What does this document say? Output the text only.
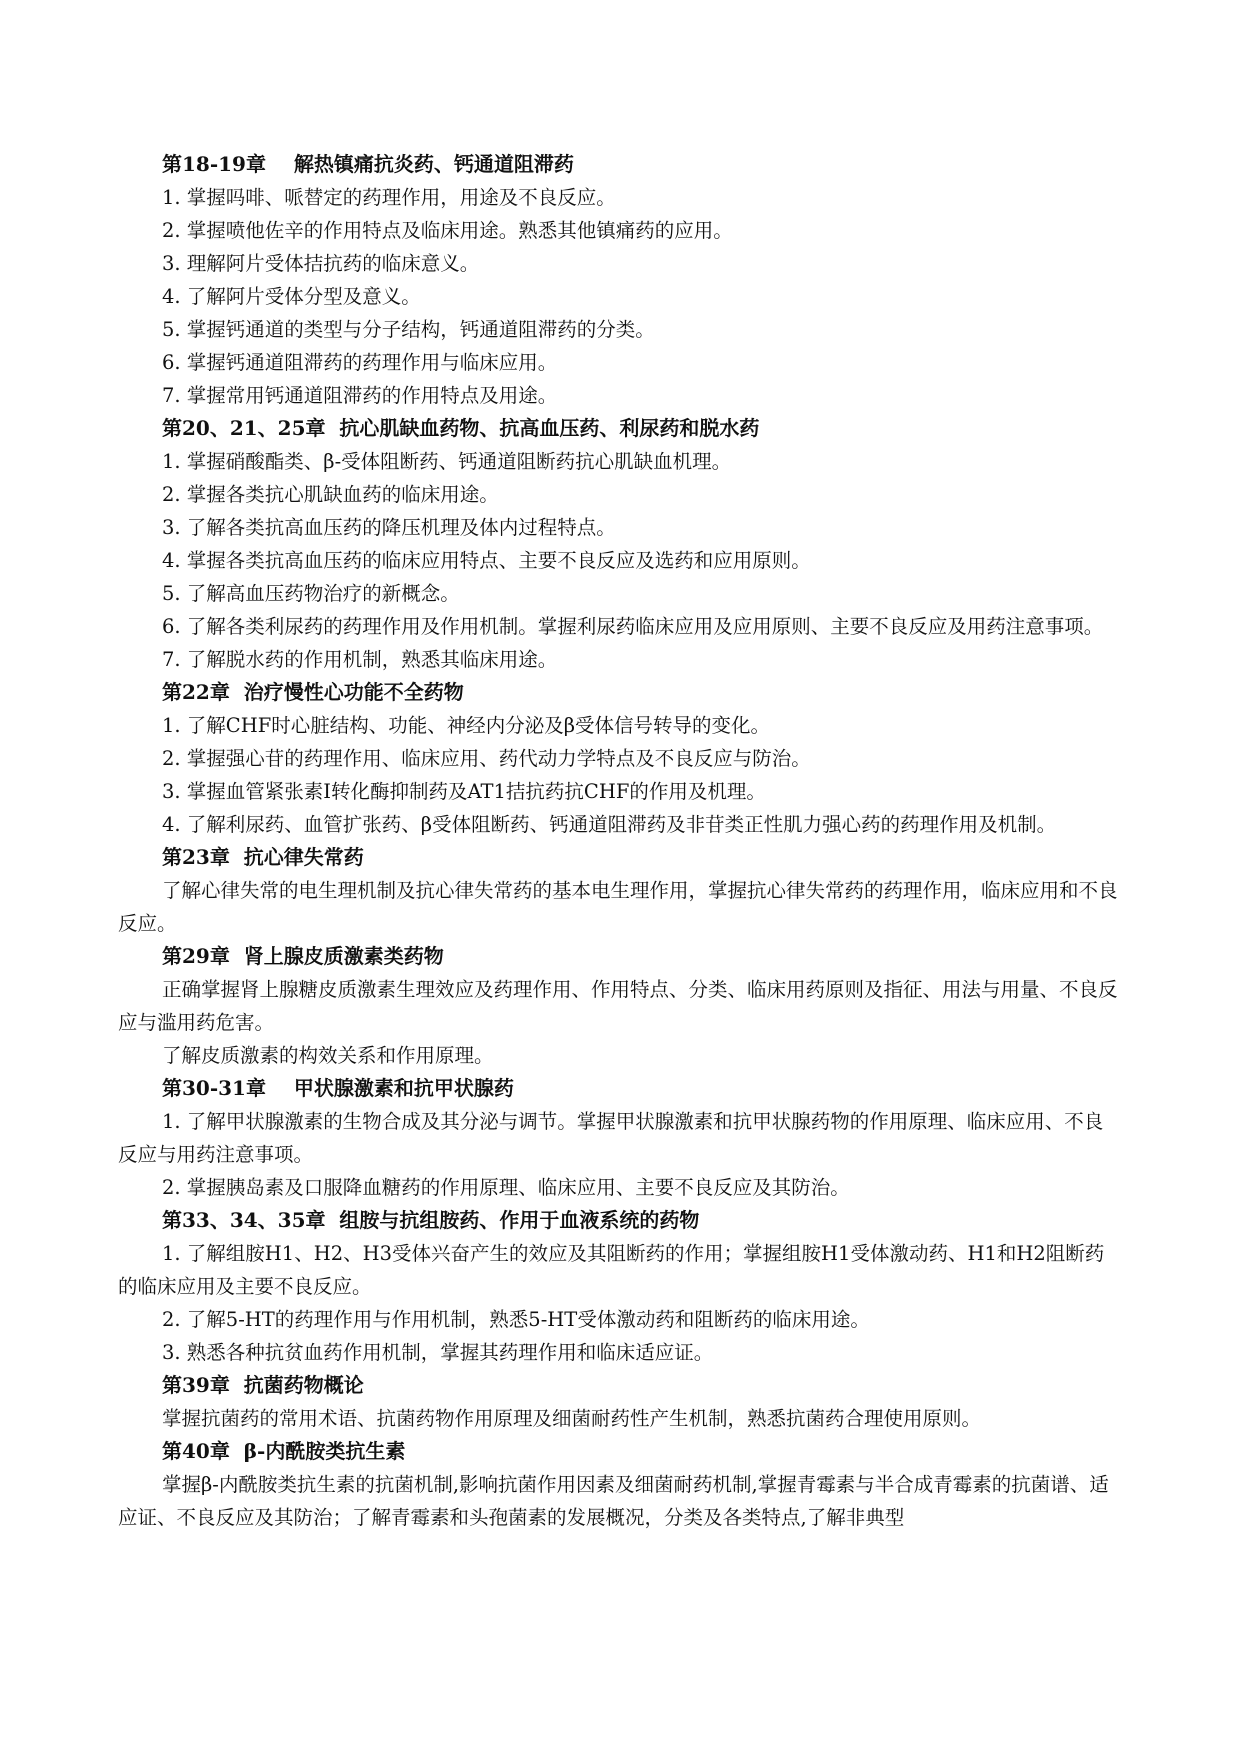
第18-19章    解热镇痛抗炎药、钙通道阻滞药

1. 掌握吗啡、哌替定的药理作用，用途及不良反应。

2. 掌握喷他佐辛的作用特点及临床用途。熟悉其他镇痛药的应用。

3. 理解阿片受体拮抗药的临床意义。

4. 了解阿片受体分型及意义。

5. 掌握钙通道的类型与分子结构，钙通道阻滞药的分类。

6. 掌握钙通道阻滞药的药理作用与临床应用。

7. 掌握常用钙通道阻滞药的作用特点及用途。

第20、21、25章  抗心肌缺血药物、抗高血压药、利尿药和脱水药

1. 掌握硝酸酯类、β-受体阻断药、钙通道阻断药抗心肌缺血机理。

2. 掌握各类抗心肌缺血药的临床用途。

3. 了解各类抗高血压药的降压机理及体内过程特点。

4. 掌握各类抗高血压药的临床应用特点、主要不良反应及选药和应用原则。

5. 了解高血压药物治疗的新概念。

6. 了解各类利尿药的药理作用及作用机制。掌握利尿药临床应用及应用原则、主要不良反应及用药注意事项。

7. 了解脱水药的作用机制，熟悉其临床用途。

第22章  治疗慢性心功能不全药物

1. 了解CHF时心脏结构、功能、神经内分泌及β受体信号转导的变化。

2. 掌握强心苷的药理作用、临床应用、药代动力学特点及不良反应与防治。

3. 掌握血管紧张素Ⅰ转化酶抑制药及AT1拮抗药抗CHF的作用及机理。

4. 了解利尿药、血管扩张药、β受体阻断药、钙通道阻滞药及非苷类正性肌力强心药的药理作用及机制。

第23章  抗心律失常药

了解心律失常的电生理机制及抗心律失常药的基本电生理作用，掌握抗心律失常药的药理作用，临床应用和不良反应。

第29章  肾上腺皮质激素类药物

正确掌握肾上腺糖皮质激素生理效应及药理作用、作用特点、分类、临床用药原则及指征、用法与用量、不良反应与滥用药危害。

了解皮质激素的构效关系和作用原理。

第30-31章    甲状腺激素和抗甲状腺药

1. 了解甲状腺激素的生物合成及其分泌与调节。掌握甲状腺激素和抗甲状腺药物的作用原理、临床应用、不良反应与用药注意事项。

2. 掌握胰岛素及口服降血糖药的作用原理、临床应用、主要不良反应及其防治。

第33、34、35章  组胺与抗组胺药、作用于血液系统的药物

1. 了解组胺H1、H2、H3受体兴奋产生的效应及其阻断药的作用；掌握组胺H1受体激动药、H1和H2阻断药的临床应用及主要不良反应。

2. 了解5-HT的药理作用与作用机制，熟悉5-HT受体激动药和阻断药的临床用途。

3. 熟悉各种抗贫血药作用机制，掌握其药理作用和临床适应证。

第39章  抗菌药物概论

掌握抗菌药的常用术语、抗菌药物作用原理及细菌耐药性产生机制，熟悉抗菌药合理使用原则。

第40章  β-内酰胺类抗生素

掌握β-内酰胺类抗生素的抗菌机制,影响抗菌作用因素及细菌耐药机制,掌握青霉素与半合成青霉素的抗菌谱、适应证、不良反应及其防治；了解青霉素和头孢菌素的发展概况，分类及各类特点,了解非典型
